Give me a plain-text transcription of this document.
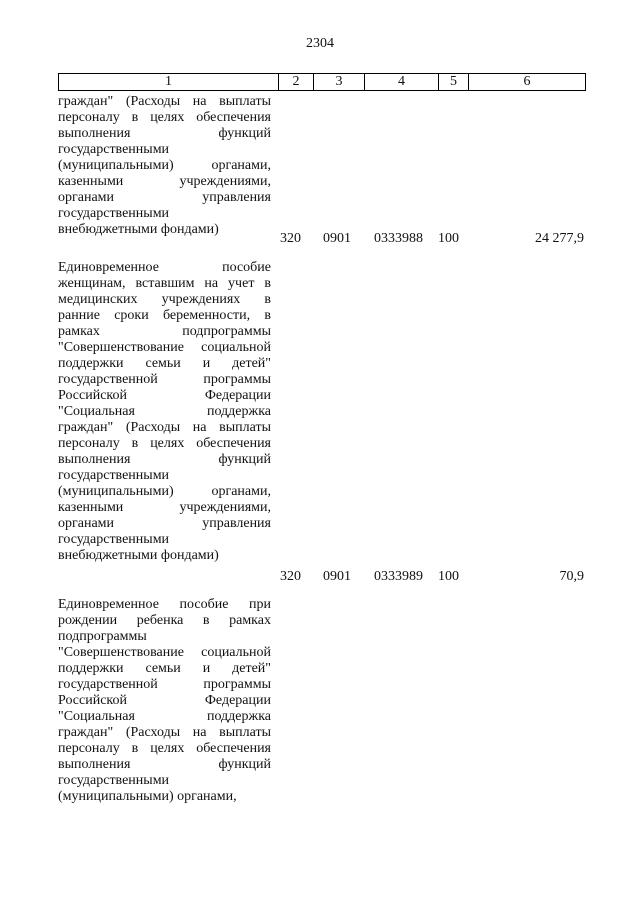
2304
1	2	3	4	5	6
граждан" (Расходы на выплаты
персоналу в целях обеспечения
выполнения функций
государственными
(муниципальными) органами,
казенными учреждениями,
органами управления
государственными
внебюджетными фондами)
320 0901 0333988 100	24 277,9
Единовременное пособие
женщинам, вставшим на учет в
медицинских учреждениях в
ранние сроки беременности, в
рамках подпрограммы
"Совершенствование социальной
поддержки семьи и детей"
государственной программы
Российской Федерации
"Социальная поддержка
граждан" (Расходы на выплаты
персоналу в целях обеспечения
выполнения функций
государственными
(муниципальными) органами,
казенными учреждениями,
органами управления
государственными
внебюджетными фондами)
320 0901 0333989 100	70,9
Единовременное пособие при
рождении ребенка в рамках
подпрограммы
"Совершенствование социальной
поддержки семьи и детей"
государственной программы
Российской Федерации
"Социальная поддержка
граждан" (Расходы на выплаты
персоналу в целях обеспечения
выполнения функций
государственными
(муниципальными) органами,
